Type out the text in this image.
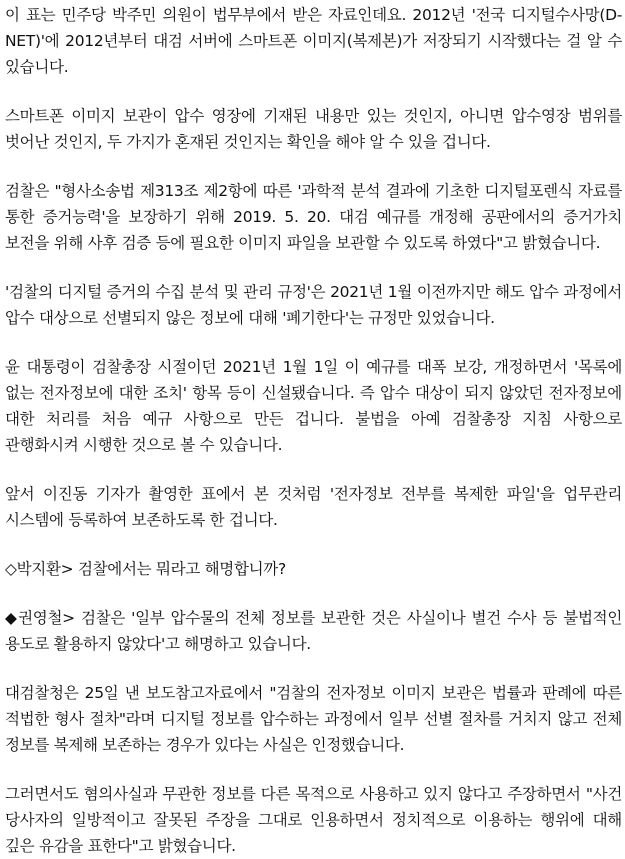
이 표는 민주당 박주민 의원이 법무부에서 받은 자료인데요. 2012년 '전국 디지털수사망(D-NET)'에 2012년부터 대검 서버에 스마트폰 이미지(복제본)가 저장되기 시작했다는 걸 알 수 있습니다.

스마트폰 이미지 보관이 압수 영장에 기재된 내용만 있는 것인지, 아니면 압수영장 범위를 벗어난 것인지, 두 가지가 혼재된 것인지는 확인을 해야 알 수 있을 겁니다.

검찰은 "형사소송법 제313조 제2항에 따른 '과학적 분석 결과에 기초한 디지털포렌식 자료를 통한 증거능력'을 보장하기 위해 2019. 5. 20. 대검 예규를 개정해 공판에서의 증거가치 보전을 위해 사후 검증 등에 필요한 이미지 파일을 보관할 수 있도록 하였다"고 밝혔습니다.

'검찰의 디지털 증거의 수집 분석 및 관리 규정'은 2021년 1월 이전까지만 해도 압수 과정에서 압수 대상으로 선별되지 않은 정보에 대해 '폐기한다'는 규정만 있었습니다.

윤 대통령이 검찰총장 시절이던 2021년 1월 1일 이 예규를 대폭 보강, 개정하면서 '목록에 없는 전자정보에 대한 조치' 항목 등이 신설됐습니다. 즉 압수 대상이 되지 않았던 전자정보에 대한 처리를 처음 예규 사항으로 만든 겁니다. 불법을 아예 검찰총장 지침 사항으로 관행화시켜 시행한 것으로 볼 수 있습니다.

앞서 이진동 기자가 촬영한 표에서 본 것처럼 '전자정보 전부를 복제한 파일'을 업무관리 시스템에 등록하여 보존하도록 한 겁니다.

◇박지환> 검찰에서는 뭐라고 해명합니까?

◆권영철> 검찰은 '일부 압수물의 전체 정보를 보관한 것은 사실이나 별건 수사 등 불법적인 용도로 활용하지 않았다'고 해명하고 있습니다.

대검찰청은 25일 낸 보도참고자료에서 "검찰의 전자정보 이미지 보관은 법률과 판례에 따른 적법한 형사 절차"라며 디지털 정보를 압수하는 과정에서 일부 선별 절차를 거치지 않고 전체 정보를 복제해 보존하는 경우가 있다는 사실은 인정했습니다.

그러면서도 혐의사실과 무관한 정보를 다른 목적으로 사용하고 있지 않다고 주장하면서 "사건 당사자의 일방적이고 잘못된 주장을 그대로 인용하면서 정치적으로 이용하는 행위에 대해 깊은 유감을 표한다"고 밝혔습니다.
